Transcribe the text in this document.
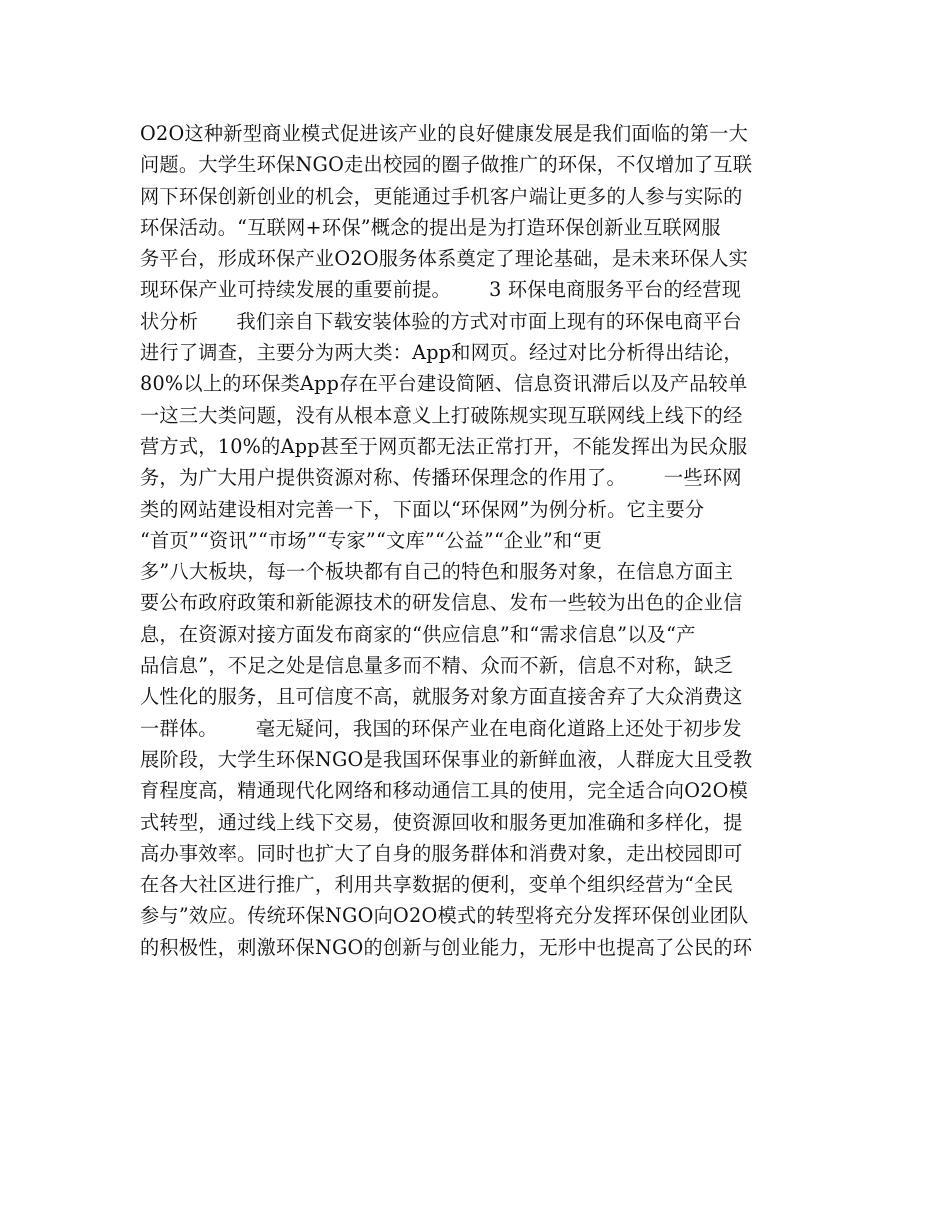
O2O这种新型商业模式促进该产业的良好健康发展是我们面临的第一大
问题。大学生环保NGO走出校园的圈子做推广的环保，不仅增加了互联
网下环保创新创业的机会，更能通过手机客户端让更多的人参与实际的
环保活动。“互联网+环保”概念的提出是为打造环保创新业互联网服
务平台，形成环保产业O2O服务体系奠定了理论基础，是未来环保人实
现环保产业可持续发展的重要前提。      3 环保电商服务平台的经营现
状分析      我们亲自下载安装体验的方式对市面上现有的环保电商平台
进行了调查，主要分为两大类：App和网页。经过对比分析得出结论，
80%以上的环保类App存在平台建设简陋、信息资讯滞后以及产品较单
一这三大类问题，没有从根本意义上打破陈规实现互联网线上线下的经
营方式，10%的App甚至于网页都无法正常打开，不能发挥出为民众服
务，为广大用户提供资源对称、传播环保理念的作用了。      一些环网
类的网站建设相对完善一下，下面以“环保网”为例分析。它主要分
“首页”“资讯”“市场”“专家”“文库”“公益”“企业”和“更
多”八大板块，每一个板块都有自己的特色和服务对象，在信息方面主
要公布政府政策和新能源技术的研发信息、发布一些较为出色的企业信
息，在资源对接方面发布商家的“供应信息”和“需求信息”以及“产
品信息”，不足之处是信息量多而不精、众而不新，信息不对称，缺乏
人性化的服务，且可信度不高，就服务对象方面直接舍弃了大众消费这
一群体。      毫无疑问，我国的环保产业在电商化道路上还处于初步发
展阶段，大学生环保NGO是我国环保事业的新鲜血液，人群庞大且受教
育程度高，精通现代化网络和移动通信工具的使用，完全适合向O2O模
式转型，通过线上线下交易，使资源回收和服务更加准确和多样化，提
高办事效率。同时也扩大了自身的服务群体和消费对象，走出校园即可
在各大社区进行推广，利用共享数据的便利，变单个组织经营为“全民
参与”效应。传统环保NGO向O2O模式的转型将充分发挥环保创业团队
的积极性，刺激环保NGO的创新与创业能力，无形中也提高了公民的环
